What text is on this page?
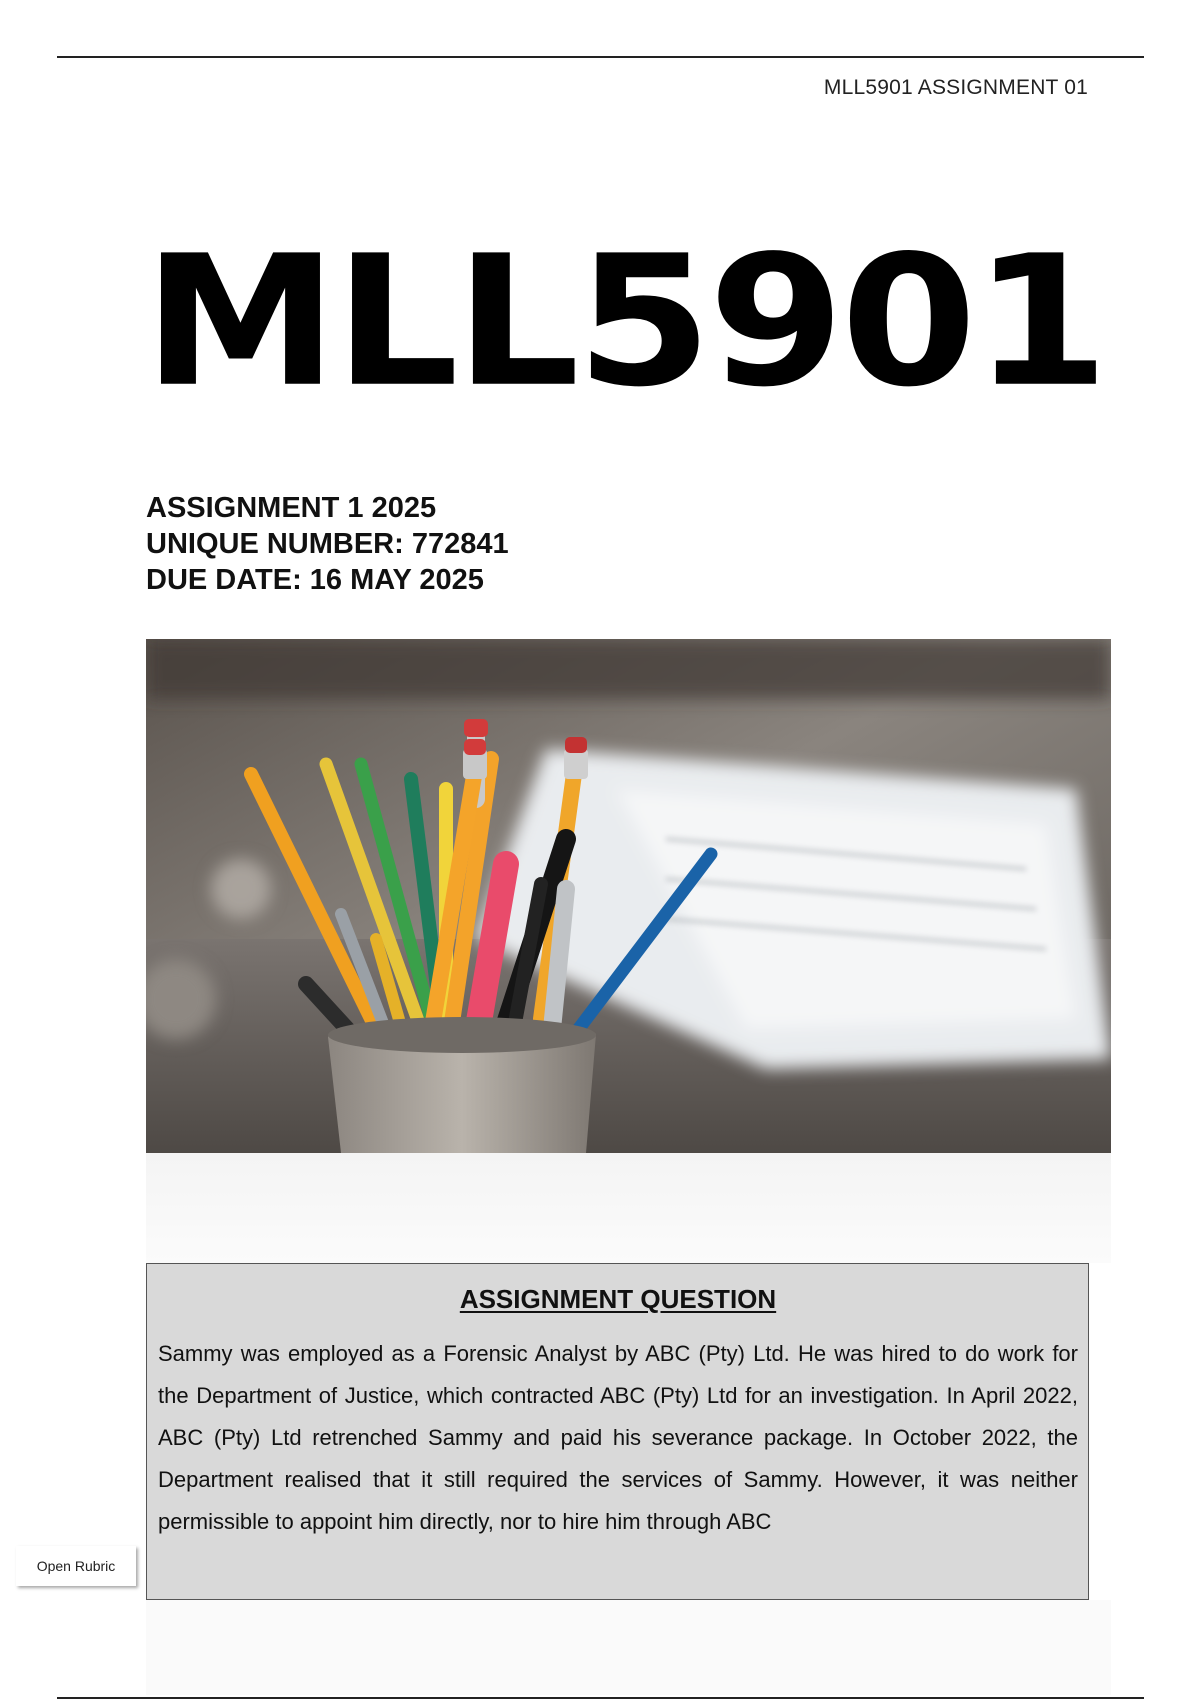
MLL5901 ASSIGNMENT 01
MLL5901
ASSIGNMENT 1 2025
UNIQUE NUMBER: 772841
DUE DATE: 16 MAY 2025
ASSIGNMENT QUESTION

Sammy was employed as a Forensic Analyst by ABC (Pty) Ltd. He was hired to do work for the Department of Justice, which contracted ABC (Pty) Ltd for an investigation. In April 2022, ABC (Pty) Ltd retrenched Sammy and paid his severance package. In October 2022, the Department realised that it still required the services of Sammy. However, it was neither permissible to appoint him directly, nor to hire him through ABC

Open Rubric
